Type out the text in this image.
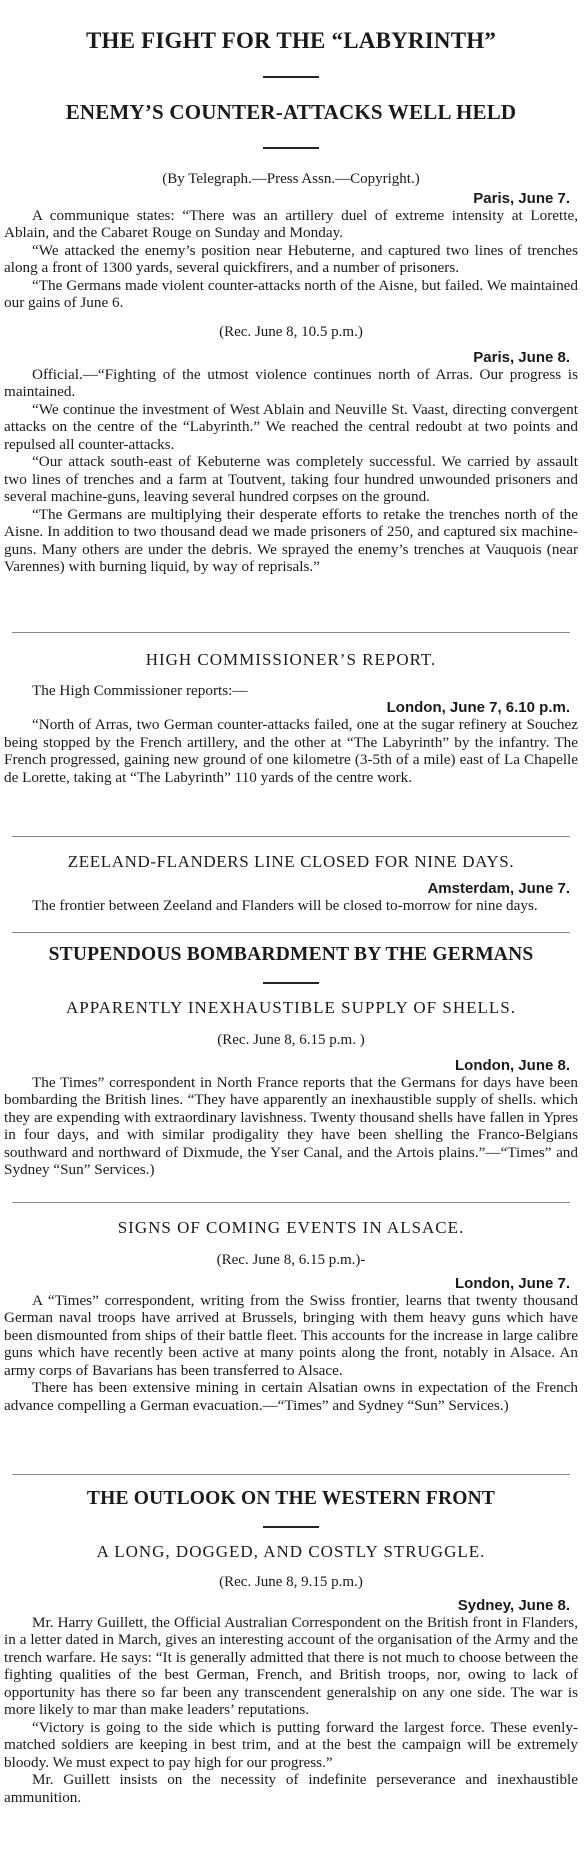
THE FIGHT FOR THE “LABYRINTH”
ENEMY’S COUNTER-ATTACKS WELL HELD
(By Telegraph.—Press Assn.—Copyright.)
Paris, June 7.

A communique states: “There was an artillery duel of extreme intensity at Lorette, Ablain, and the Cabaret Rouge on Sunday and Monday.

“We attacked the enemy’s position near Hebuterne, and captured two lines of trenches along a front of 1300 yards, several quickfirers, and a number of prisoners.

“The Germans made violent counter-attacks north of the Aisne, but failed. We maintained our gains of June 6.

(Rec. June 8, 10.5 p.m.)
Paris, June 8.

Official.—“Fighting of the utmost violence continues north of Arras. Our progress is maintained.

“We continue the investment of West Ablain and Neuville St. Vaast, directing convergent attacks on the centre of the “Labyrinth.” We reached the central redoubt at two points and repulsed all counter-attacks.

“Our attack south-east of Kebuterne was completely successful. We carried by assault two lines of trenches and a farm at Toutvent, taking four hundred unwounded prisoners and several machine-guns, leaving several hundred corpses on the ground.

“The Germans are multiplying their desperate efforts to retake the trenches north of the Aisne. In addition to two thousand dead we made prisoners of 250, and captured six machine-guns. Many others are under the debris. We sprayed the enemy’s trenches at Vauquois (near Varennes) with burning liquid, by way of reprisals.”

HIGH COMMISSIONER’S REPORT.

The High Commissioner reports:—

London, June 7, 6.10 p.m.

“North of Arras, two German counter-attacks failed, one at the sugar refinery at Souchez being stopped by the French artillery, and the other at “The Labyrinth” by the infantry. The French progressed, gaining new ground of one kilometre (3-5th of a mile) east of La Chapelle de Lorette, taking at “The Labyrinth” 110 yards of the centre work.

ZEELAND-FLANDERS LINE CLOSED FOR NINE DAYS.
Amsterdam, June 7.

The frontier between Zeeland and Flanders will be closed to-morrow for nine days.

STUPENDOUS BOMBARDMENT BY THE GERMANS
APPARENTLY INEXHAUSTIBLE SUPPLY OF SHELLS.
(Rec. June 8, 6.15 p.m. )
London, June 8.

The Times” correspondent in North France reports that the Germans for days have been bombarding the British lines. “They have apparently an inexhaustible supply of shells. which they are expending with extraordinary lavishness. Twenty thousand shells have fallen in Ypres in four days, and with similar prodigality they have been shelling the Franco-Belgians southward and northward of Dixmude, the Yser Canal, and the Artois plains.”—“Times” and Sydney “Sun” Services.)

SIGNS OF COMING EVENTS IN ALSACE.
(Rec. June 8, 6.15 p.m.)-
London, June 7.

A “Times” correspondent, writing from the Swiss frontier, learns that twenty thousand German naval troops have arrived at Brussels, bringing with them heavy guns which have been dismounted from ships of their battle fleet. This accounts for the increase in large calibre guns which have recently been active at many points along the front, notably in Alsace. An army corps of Bavarians has been transferred to Alsace.

There has been extensive mining in certain Alsatian owns in expectation of the French advance compelling a German evacuation.—“Times” and Sydney “Sun” Services.)

THE OUTLOOK ON THE WESTERN FRONT
A LONG, DOGGED, AND COSTLY STRUGGLE.
(Rec. June 8, 9.15 p.m.)
Sydney, June 8.

Mr. Harry Guillett, the Official Australian Correspondent on the British front in Flanders, in a letter dated in March, gives an interesting account of the organisation of the Army and the trench warfare. He says: “It is generally admitted that there is not much to choose between the fighting qualities of the best German, French, and British troops, nor, owing to lack of opportunity has there so far been any transcendent generalship on any one side. The war is more likely to mar than make leaders’ reputations.

“Victory is going to the side which is putting forward the largest force. These evenly-matched soldiers are keeping in best trim, and at the best the campaign will be extremely bloody. We must expect to pay high for our progress.”

Mr. Guillett insists on the necessity of indefinite perseverance and inexhaustible ammunition.
